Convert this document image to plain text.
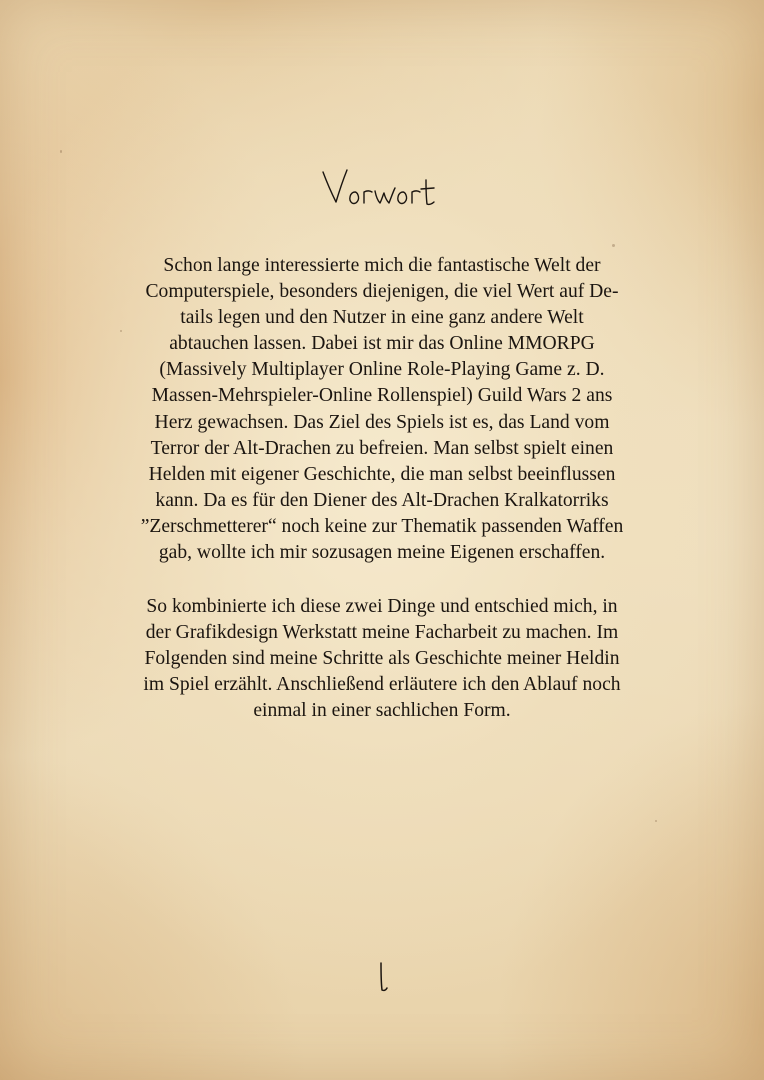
Schon lange interessierte mich die fantastische Welt der
Computerspiele, besonders diejenigen, die viel Wert auf De-
tails legen und den Nutzer in eine ganz andere Welt
abtauchen lassen. Dabei ist mir das Online MMORPG
(Massively Multiplayer Online Role-Playing Game z. D.
Massen-Mehrspieler-Online Rollenspiel) Guild Wars 2 ans
Herz gewachsen. Das Ziel des Spiels ist es, das Land vom
Terror der Alt-Drachen zu befreien. Man selbst spielt einen
Helden mit eigener Geschichte, die man selbst beeinflussen
kann. Da es für den Diener des Alt-Drachen Kralkatorriks
”Zerschmetterer“ noch keine zur Thematik passenden Waffen
gab, wollte ich mir sozusagen meine Eigenen erschaffen.
So kombinierte ich diese zwei Dinge und entschied mich, in
der Grafikdesign Werkstatt meine Facharbeit zu machen. Im
Folgenden sind meine Schritte als Geschichte meiner Heldin
im Spiel erzählt. Anschließend erläutere ich den Ablauf noch
einmal in einer sachlichen Form.
